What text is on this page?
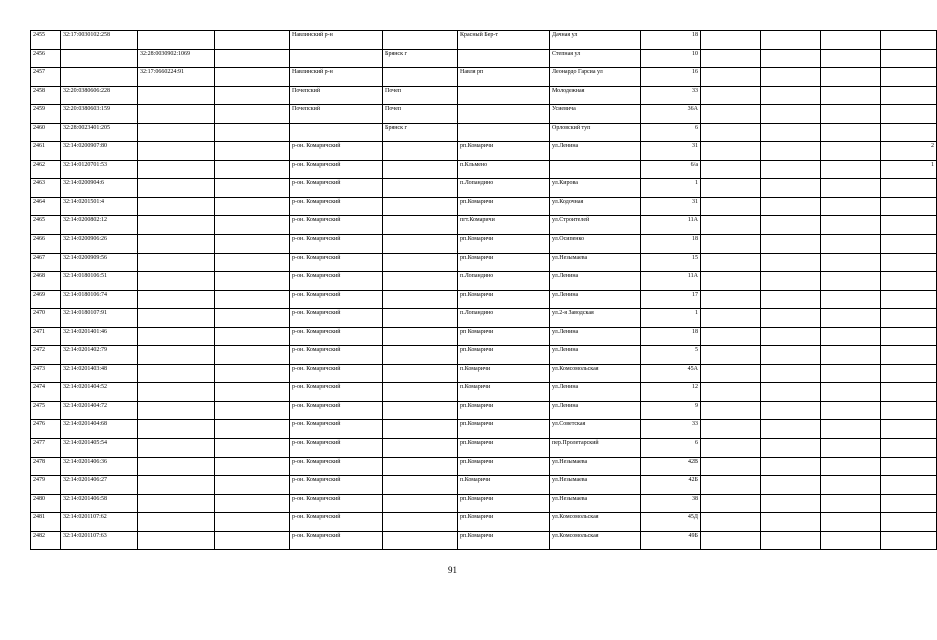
2455	32:17:0030102:258			Навлинский р-н		Красный Бер-т	Дачная ул	18				
2456		32:28:0030902:1069			Брянск г		Степная ул	10				
2457		32:17:0660224:91		Навлинский р-н		Навля рп	Леонардо Гарсиа ул	16				
2458	32:20:0380606:228			Почепский	Почеп		Молодежная	33				
2459	32:20:0380603:159			Почепский	Почеп		Усиевича	36А				
2460	32:28:0023401:205				Брянск г		Орловский туп	6				
2461	32:14:0200907:80			р-он. Комаричский		рп.Комаричи	ул.Ленина	31				2
2462	32:14:0120701:53			р-он. Комаричский		п.Кльмено		6/а				1
2463	32:14:0200904:6			р-он. Комаричский		п.Лопандино	ул.Кирова	1				
2464	32:14:0201501:4			р-он. Комаричский		рп.Комаричи	ул.Кодочная	31				
2465	32:14:0200802:12			р-он. Комаричский		пгт.Комаричи	ул.Строителей	11А				
2466	32:14:0200906:26			р-он. Комаричский		рп.Комаричи	ул.Осипенко	18				
2467	32:14:0200909:56			р-он. Комаричский		рп.Комаричи	ул.Незымаева	15				
2468	32:14:0180106:51			р-он. Комаричский		п.Лопандино	ул.Ленина	11А				
2469	32:14:0180106:74			р-он. Комаричский		рп.Комаричи	ул.Ленина	17				
2470	32:14:0180107:91			р-он. Комаричский		п.Лопандино	ул.2-я Заводская	1				
2471	32:14:0201401:46			р-он. Комаричский		рп Комаричи	ул.Ленина	18				
2472	32:14:0201402:79			р-он. Комаричский		рп.Комаричи	ул.Ленина	5				
2473	32:14:0201403:48			р-он. Комаричский		п.Комаричи	ул.Комсомольская	45А				
2474	32:14:0201404:52			р-он. Комаричский		п.Комаричи	ул.Ленина	12				
2475	32:14:0201404:72			р-он. Комаричский		рп.Комаричи	ул.Ленина	9				
2476	32:14:0201404:68			р-он. Комаричский		рп.Комаричи	ул.Советская	33				
2477	32:14:0201405:54			р-он. Комаричский		рп.Комаричи	пер.Пролетарский	6				
2478	32:14:0201406:36			р-он. Комаричский		рп.Комаричи	ул.Незымаева	42В				
2479	32:14:0201406:27			р-он. Комаричский		п.Комаричи	ул.Незымаева	42Б				
2480	32:14:0201406:58			р-он. Комаричский		рп.Комаричи	ул.Незымаева	38				
2481	32:14:0201107:62			р-он. Комаричский		рп.Комаричи	ул.Комсомольская	45Д				
2482	32:14:0201107:63			р-он. Комаричский		рп.Комаричи	ул.Комсомольская	49Б				
91
